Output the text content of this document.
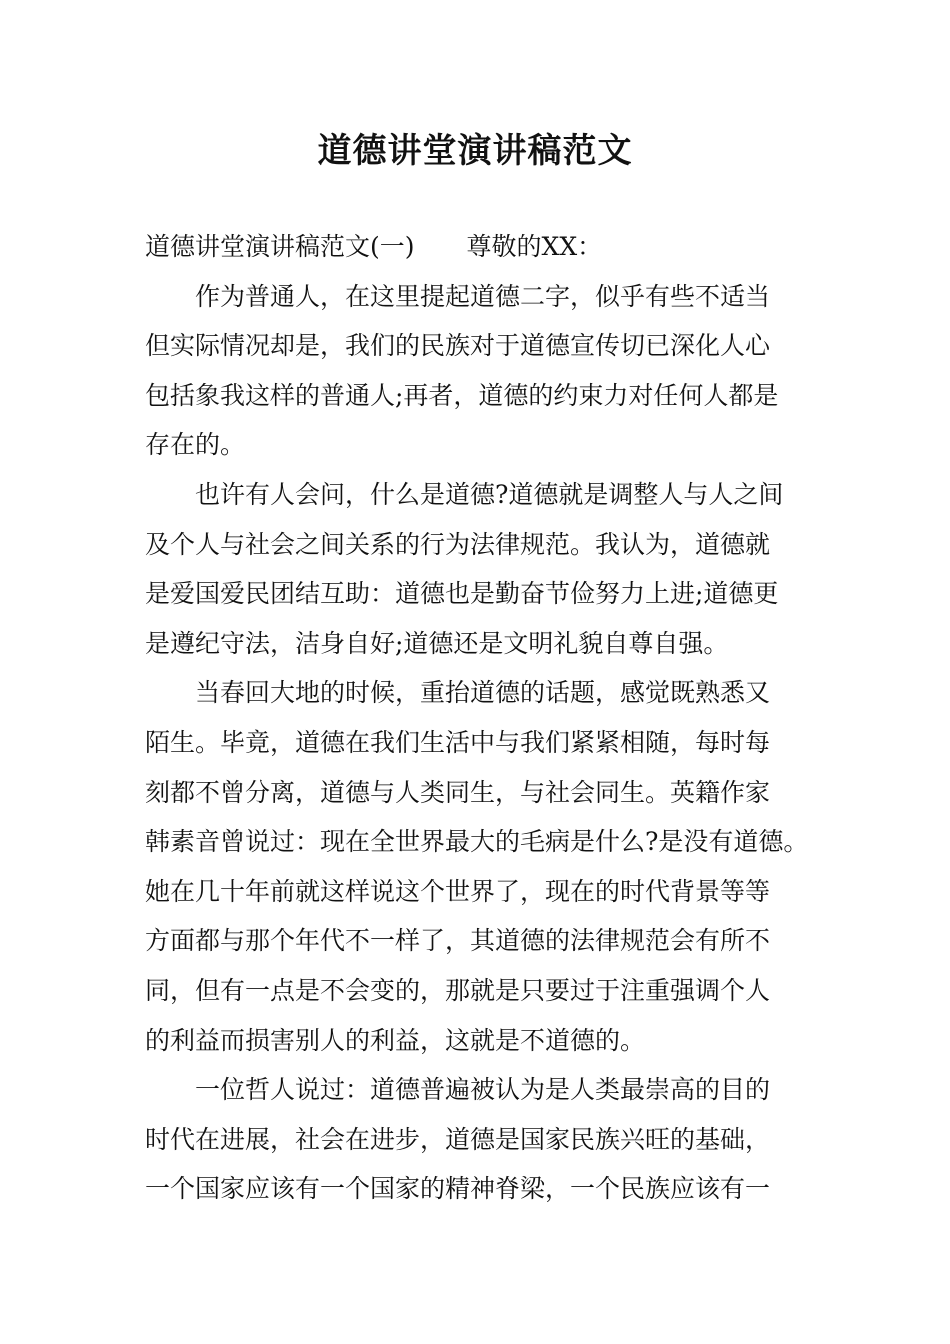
道德讲堂演讲稿范文
道德讲堂演讲稿范文(一) 尊敬的XX：
作为普通人，在这里提起道德二字，似乎有些不适当
但实际情况却是，我们的民族对于道德宣传切已深化人心
包括象我这样的普通人;再者，道德的约束力对任何人都是
存在的。
也许有人会问，什么是道德?道德就是调整人与人之间
及个人与社会之间关系的行为法律规范。我认为，道德就
是爱国爱民团结互助：道德也是勤奋节俭努力上进;道德更
是遵纪守法，洁身自好;道德还是文明礼貌自尊自强。
当春回大地的时候，重抬道德的话题，感觉既熟悉又
陌生。毕竟，道德在我们生活中与我们紧紧相随，每时每
刻都不曾分离，道德与人类同生，与社会同生。英籍作家
韩素音曾说过：现在全世界最大的毛病是什么?是没有道德。
她在几十年前就这样说这个世界了，现在的时代背景等等
方面都与那个年代不一样了，其道德的法律规范会有所不
同，但有一点是不会变的，那就是只要过于注重强调个人
的利益而损害别人的利益，这就是不道德的。
一位哲人说过：道德普遍被认为是人类最崇高的目的
时代在进展，社会在进步，道德是国家民族兴旺的基础，
一个国家应该有一个国家的精神脊梁，一个民族应该有一
